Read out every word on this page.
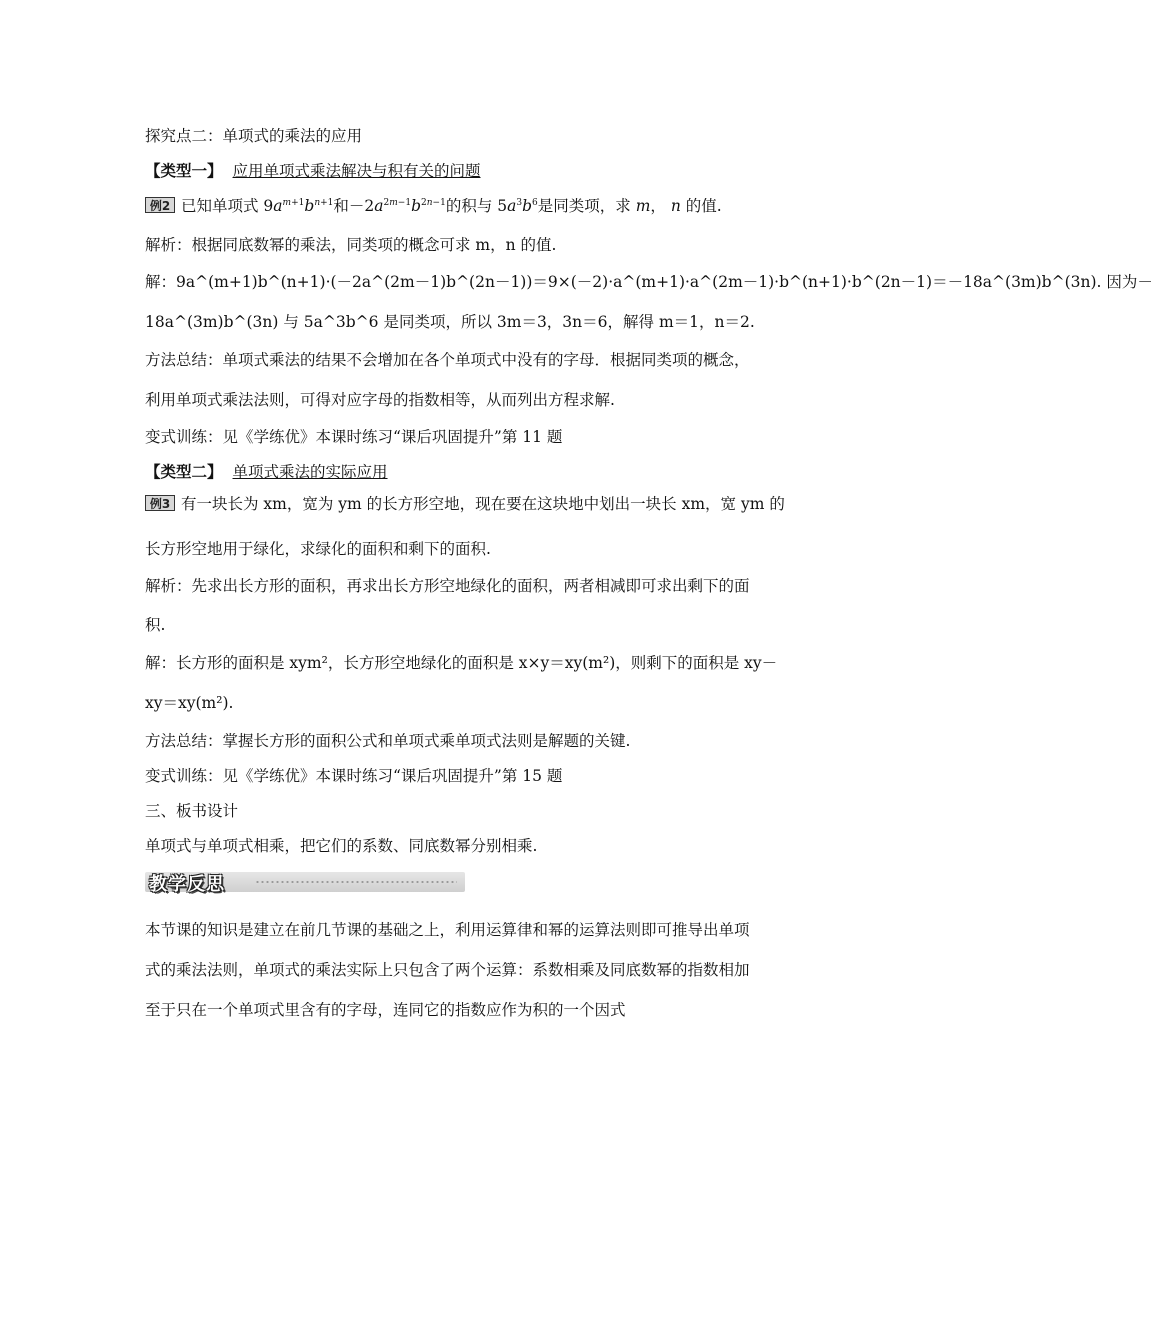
探究点二：单项式的乘法的应用
【类型一】 应用单项式乘法解决与积有关的问题
例2 已知单项式 $9a^{m+1}b^{n+1}$和$-2a^{2m-1}b^{2n-1}$的积与 $5a^3b^6$是同类项，求 m， n 的值.
解析：根据同底数幂的乘法，同类项的概念可求 m，n 的值.
解：9a^(m+1)b^(n+1)·(－2a^(2m－1)b^(2n－1))＝9×(－2)·a^(m+1)·a^(2m－1)·b^(n+1)·b^(2n－1)＝－18a^(3m)b^(3n). 因为－
18a^(3m)b^(3n) 与 5a^3b^6 是同类项，所以 3m＝3，3n＝6，解得 m＝1，n＝2.
方法总结：单项式乘法的结果不会增加在各个单项式中没有的字母．根据同类项的概念，
利用单项式乘法法则，可得对应字母的指数相等，从而列出方程求解.
变式训练：见《学练优》本课时练习“课后巩固提升”第 11 题
【类型二】 单项式乘法的实际应用
例3 有一块长为 xm，宽为 ym 的长方形空地，现在要在这块地中划出一块长 xm，宽 ym 的
长方形空地用于绿化，求绿化的面积和剩下的面积.
解析：先求出长方形的面积，再求出长方形空地绿化的面积，两者相减即可求出剩下的面
积.
解：长方形的面积是 xym²，长方形空地绿化的面积是 x×y＝xy(m²)，则剩下的面积是 xy－
xy＝xy(m²).
方法总结：掌握长方形的面积公式和单项式乘单项式法则是解题的关键.
变式训练：见《学练优》本课时练习“课后巩固提升”第 15 题
三、板书设计
单项式与单项式相乘，把它们的系数、同底数幂分别相乘.
教学反思
本节课的知识是建立在前几节课的基础之上，利用运算律和幂的运算法则即可推导出单项
式的乘法法则，单项式的乘法实际上只包含了两个运算：系数相乘及同底数幂的指数相加
至于只在一个单项式里含有的字母，连同它的指数应作为积的一个因式
